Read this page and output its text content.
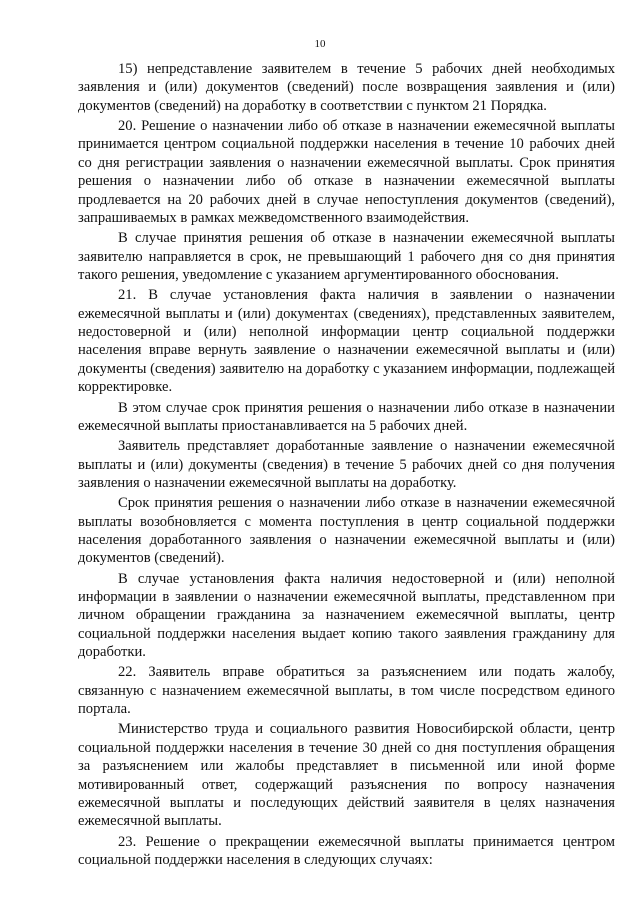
10

15) непредставление заявителем в течение 5 рабочих дней необходимых заявления и (или) документов (сведений) после возвращения заявления и (или) документов (сведений) на доработку в соответствии с пунктом 21 Порядка.

20. Решение о назначении либо об отказе в назначении ежемесячной выплаты принимается центром социальной поддержки населения в течение 10 рабочих дней со дня регистрации заявления о назначении ежемесячной выплаты. Срок принятия решения о назначении либо об отказе в назначении ежемесячной выплаты продлевается на 20 рабочих дней в случае непоступления документов (сведений), запрашиваемых в рамках межведомственного взаимодействия.

В случае принятия решения об отказе в назначении ежемесячной выплаты заявителю направляется в срок, не превышающий 1 рабочего дня со дня принятия такого решения, уведомление с указанием аргументированного обоснования.

21. В случае установления факта наличия в заявлении о назначении ежемесячной выплаты и (или) документах (сведениях), представленных заявителем, недостоверной и (или) неполной информации центр социальной поддержки населения вправе вернуть заявление о назначении ежемесячной выплаты и (или) документы (сведения) заявителю на доработку с указанием информации, подлежащей корректировке.

В этом случае срок принятия решения о назначении либо отказе в назначении ежемесячной выплаты приостанавливается на 5 рабочих дней.

Заявитель представляет доработанные заявление о назначении ежемесячной выплаты и (или) документы (сведения) в течение 5 рабочих дней со дня получения заявления о назначении ежемесячной выплаты на доработку.

Срок принятия решения о назначении либо отказе в назначении ежемесячной выплаты возобновляется с момента поступления в центр социальной поддержки населения доработанного заявления о назначении ежемесячной выплаты и (или) документов (сведений).

В случае установления факта наличия недостоверной и (или) неполной информации в заявлении о назначении ежемесячной выплаты, представленном при личном обращении гражданина за назначением ежемесячной выплаты, центр социальной поддержки населения выдает копию такого заявления гражданину для доработки.

22. Заявитель вправе обратиться за разъяснением или подать жалобу, связанную с назначением ежемесячной выплаты, в том числе посредством единого портала.

Министерство труда и социального развития Новосибирской области, центр социальной поддержки населения в течение 30 дней со дня поступления обращения за разъяснением или жалобы представляет в письменной или иной форме мотивированный ответ, содержащий разъяснения по вопросу назначения ежемесячной выплаты и последующих действий заявителя в целях назначения ежемесячной выплаты.

23. Решение о прекращении ежемесячной выплаты принимается центром социальной поддержки населения в следующих случаях:
